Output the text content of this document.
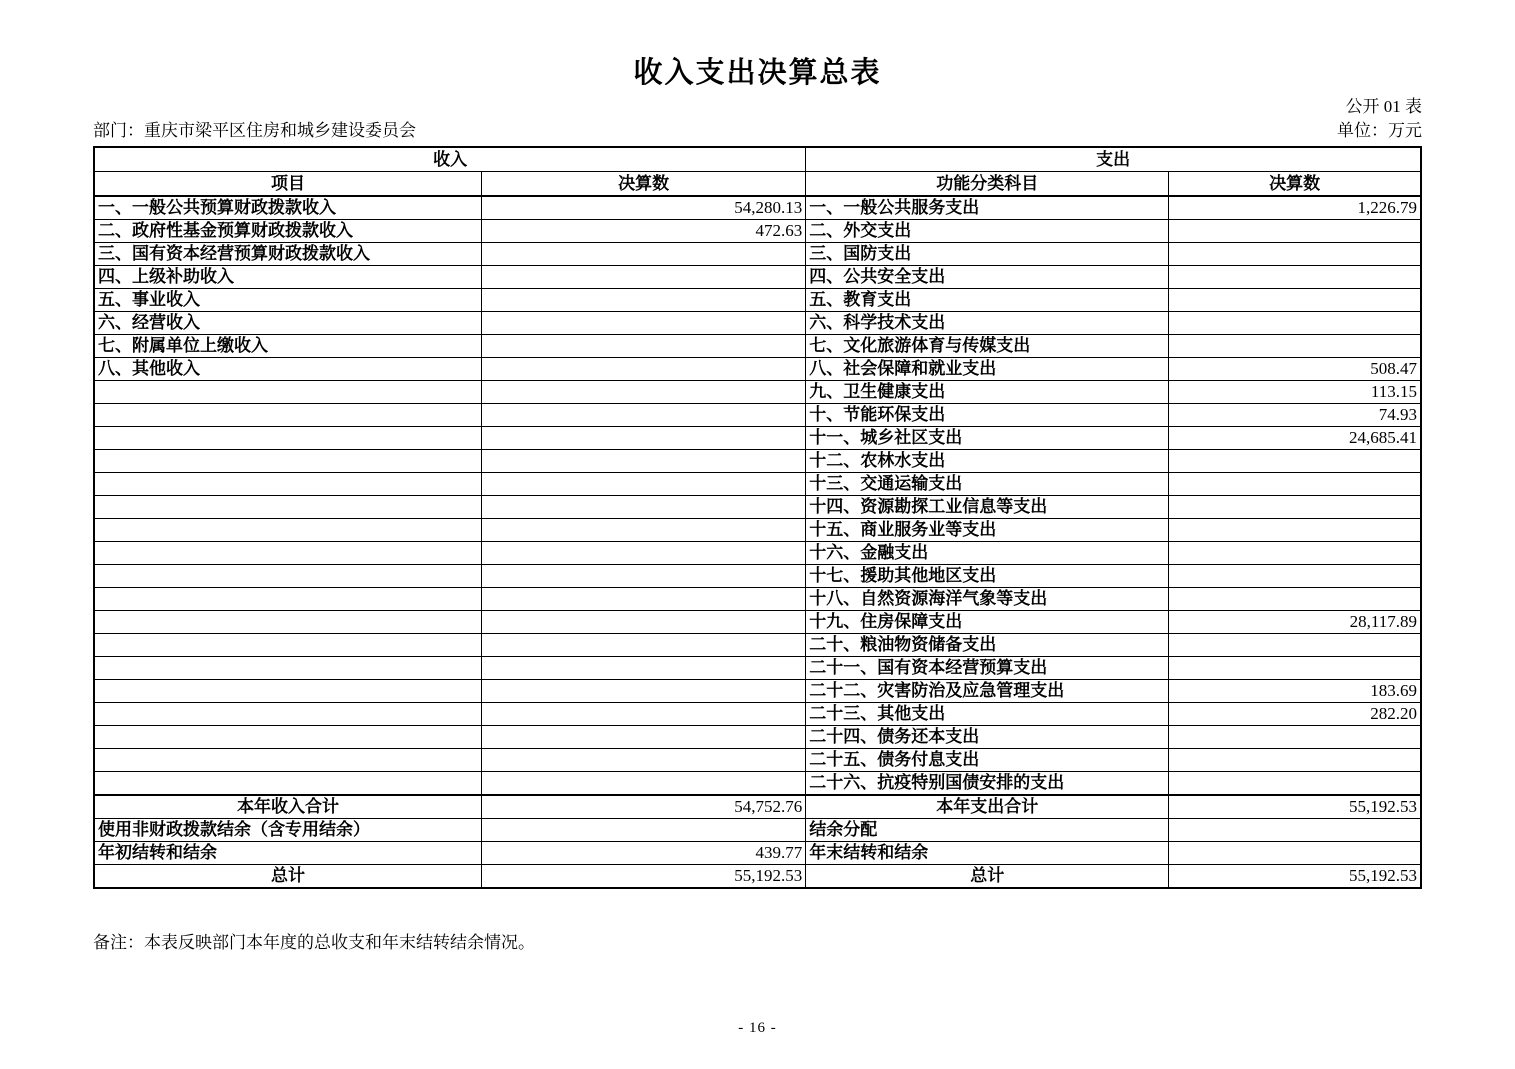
收入支出决算总表
公开 01 表
部门：重庆市梁平区住房和城乡建设委员会	单位：万元
收入		支出	
项目	决算数	功能分类科目	决算数
一、一般公共预算财政拨款收入	54,280.13	一、一般公共服务支出	1,226.79
二、政府性基金预算财政拨款收入	472.63	二、外交支出	
三、国有资本经营预算财政拨款收入		三、国防支出	
四、上级补助收入		四、公共安全支出	
五、事业收入		五、教育支出	
六、经营收入		六、科学技术支出	
七、附属单位上缴收入		七、文化旅游体育与传媒支出	
八、其他收入		八、社会保障和就业支出	508.47
		九、卫生健康支出	113.15
		十、节能环保支出	74.93
		十一、城乡社区支出	24,685.41
		十二、农林水支出	
		十三、交通运输支出	
		十四、资源勘探工业信息等支出	
		十五、商业服务业等支出	
		十六、金融支出	
		十七、援助其他地区支出	
		十八、自然资源海洋气象等支出	
		十九、住房保障支出	28,117.89
		二十、粮油物资储备支出	
		二十一、国有资本经营预算支出	
		二十二、灾害防治及应急管理支出	183.69
		二十三、其他支出	282.20
		二十四、债务还本支出	
		二十五、债务付息支出	
		二十六、抗疫特别国债安排的支出	
本年收入合计	54,752.76	本年支出合计	55,192.53
使用非财政拨款结余（含专用结余）		结余分配	
年初结转和结余	439.77	年末结转和结余	
总计	55,192.53	总计	55,192.53
备注：本表反映部门本年度的总收支和年末结转结余情况。
- 16 -
